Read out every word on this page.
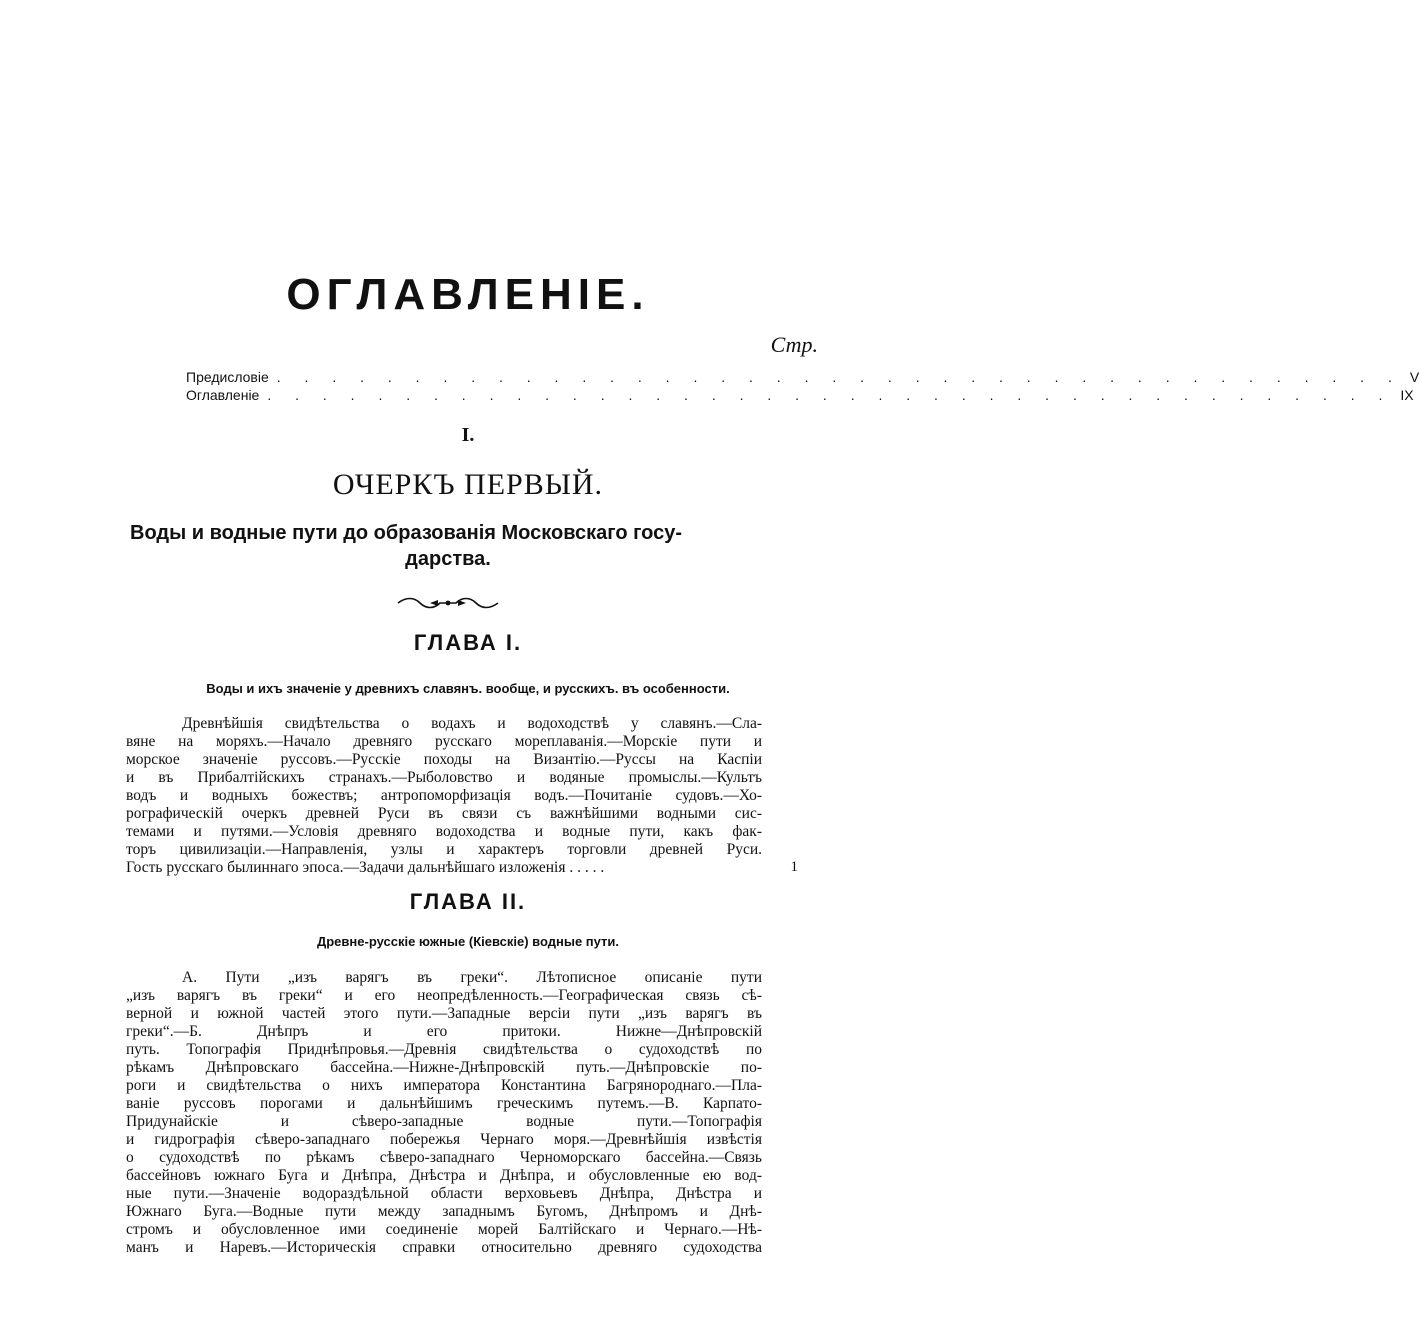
ОГЛАВЛЕНІЕ.
Стр.
Предисловіе . . . . . . . . . . . . . . . . . . . . . . . . . . . . . . . . . . . . . . . . . V
Оглавленіе . . . . . . . . . . . . . . . . . . . . . . . . . . . . . . . . . . . . . . . . . IX
I.
ОЧЕРКЪ ПЕРВЫЙ.
Воды и водные пути до образованія Московскаго госу-
дарства.
ГЛАВА I.
Воды и ихъ значеніе у древнихъ славянъ. вообще, и русскихъ. въ особенности.
Древнѣйшія свидѣтельства о водахъ и водоходствѣ у славянъ.—Сла-
вяне на моряхъ.—Начало древняго русскаго мореплаванія.—Морскіе пути и
морское значеніе руссовъ.—Русскіе походы на Византію.—Руссы на Каспіи
и въ Прибалтійскихъ странахъ.—Рыболовство и водяные промыслы.—Культъ
водъ и водныхъ божествъ; антропоморфизація водъ.—Почитаніе судовъ.—Хо-
рографическій очеркъ древней Руси въ связи съ важнѣйшими водными сис-
темами и путями.—Условія древняго водоходства и водные пути, какъ фак-
торъ цивилизаціи.—Направленія, узлы и характеръ торговли древней Руси.
Гость русскаго былиннаго эпоса.—Задачи дальнѣйшаго изложенія . . . . .	1
ГЛАВА II.
Древне-русскіе южные (Кіевскіе) водные пути.
А. Пути „изъ варягъ въ греки“. Лѣтописное описаніе пути
„изъ варягъ въ греки“ и его неопредѣленность.—Географическая связь сѣ-
верной и южной частей этого пути.—Западные версіи пути „изъ варягъ въ
греки“.—Б. Днѣпръ и его притоки. Нижне—Днѣпровскій
путь. Топографія Приднѣпровья.—Древнія свидѣтельства о судоходствѣ по
рѣкамъ Днѣпровскаго бассейна.—Нижне-Днѣпровскій путь.—Днѣпровскіе по-
роги и свидѣтельства о нихъ императора Константина Багрянороднаго.—Пла-
ваніе руссовъ порогами и дальнѣйшимъ греческимъ путемъ.—В. Карпато-
Придунайскіе и сѣверо-западные водные пути.—Топографія
и гидрографія сѣверо-западнаго побережья Чернаго моря.—Древнѣйшія извѣстія
о судоходствѣ по рѣкамъ сѣверо-западнаго Черноморскаго бассейна.—Связь
бассейновъ южнаго Буга и Днѣпра, Днѣстра и Днѣпра, и обусловленные ею вод-
ные пути.—Значеніе водораздѣльной области верховьевъ Днѣпра, Днѣстра и
Южнаго Буга.—Водные пути между западнымъ Бугомъ, Днѣпромъ и Днѣ-
стромъ и обусловленное ими соединеніе морей Балтійскаго и Чернаго.—Нѣ-
манъ и Наревъ.—Историческія справки относительно древняго судоходства
